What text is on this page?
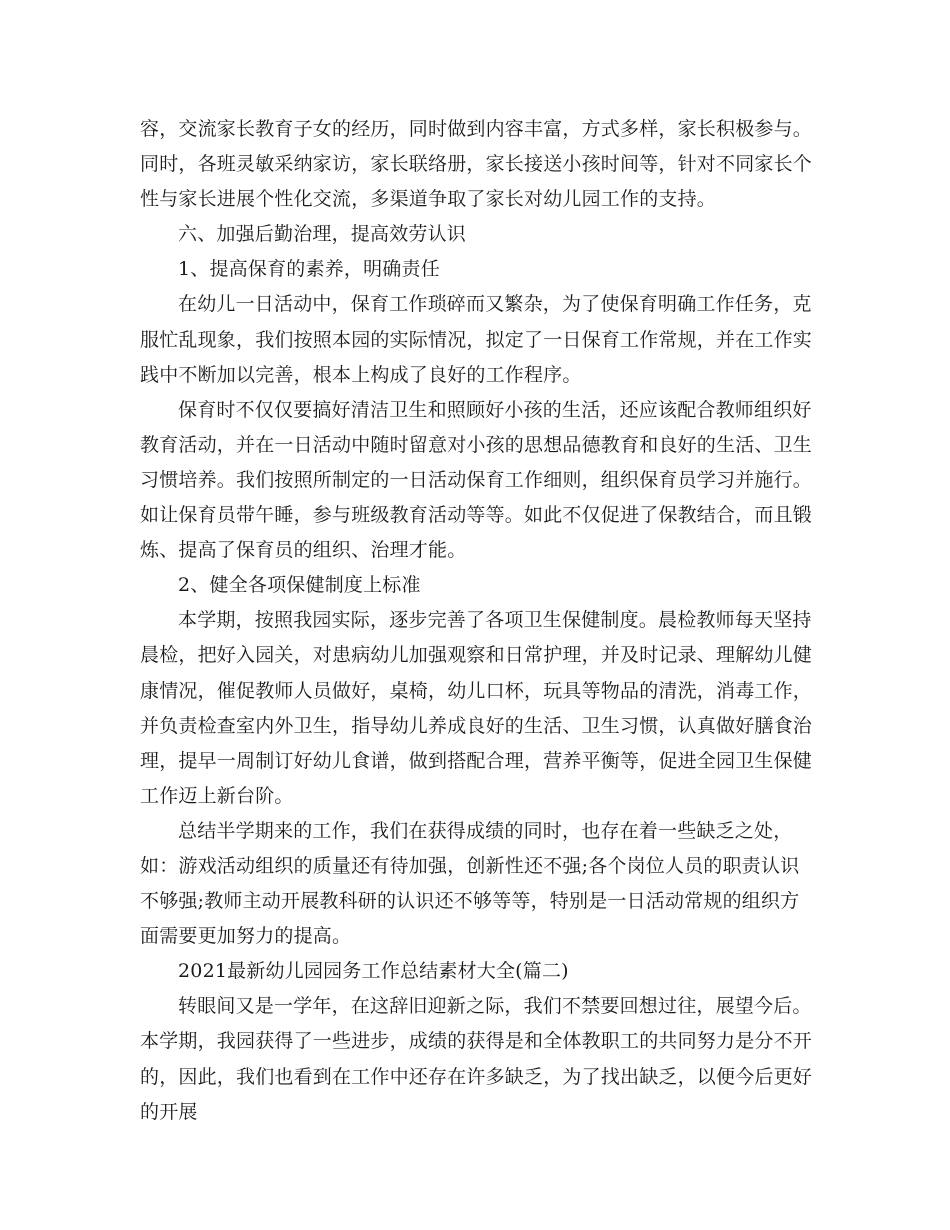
容，交流家长教育子女的经历，同时做到内容丰富，方式多样，家长积极参与。同时，各班灵敏采纳家访，家长联络册，家长接送小孩时间等，针对不同家长个性与家长进展个性化交流，多渠道争取了家长对幼儿园工作的支持。

六、加强后勤治理，提高效劳认识

1、提高保育的素养，明确责任

在幼儿一日活动中，保育工作琐碎而又繁杂，为了使保育明确工作任务，克服忙乱现象，我们按照本园的实际情况，拟定了一日保育工作常规，并在工作实践中不断加以完善，根本上构成了良好的工作程序。

保育时不仅仅要搞好清洁卫生和照顾好小孩的生活，还应该配合教师组织好教育活动，并在一日活动中随时留意对小孩的思想品德教育和良好的生活、卫生习惯培养。我们按照所制定的一日活动保育工作细则，组织保育员学习并施行。如让保育员带午睡，参与班级教育活动等等。如此不仅促进了保教结合，而且锻炼、提高了保育员的组织、治理才能。

2、健全各项保健制度上标准

本学期，按照我园实际，逐步完善了各项卫生保健制度。晨检教师每天坚持晨检，把好入园关，对患病幼儿加强观察和日常护理，并及时记录、理解幼儿健康情况，催促教师人员做好，桌椅，幼儿口杯，玩具等物品的清洗，消毒工作，并负责检查室内外卫生，指导幼儿养成良好的生活、卫生习惯，认真做好膳食治理，提早一周制订好幼儿食谱，做到搭配合理，营养平衡等，促进全园卫生保健工作迈上新台阶。

总结半学期来的工作，我们在获得成绩的同时，也存在着一些缺乏之处，如：游戏活动组织的质量还有待加强，创新性还不强;各个岗位人员的职责认识不够强;教师主动开展教科研的认识还不够等等，特别是一日活动常规的组织方面需要更加努力的提高。

2021最新幼儿园园务工作总结素材大全(篇二)

转眼间又是一学年，在这辞旧迎新之际，我们不禁要回想过往，展望今后。本学期，我园获得了一些进步，成绩的获得是和全体教职工的共同努力是分不开的，因此，我们也看到在工作中还存在许多缺乏，为了找出缺乏，以便今后更好的开展
